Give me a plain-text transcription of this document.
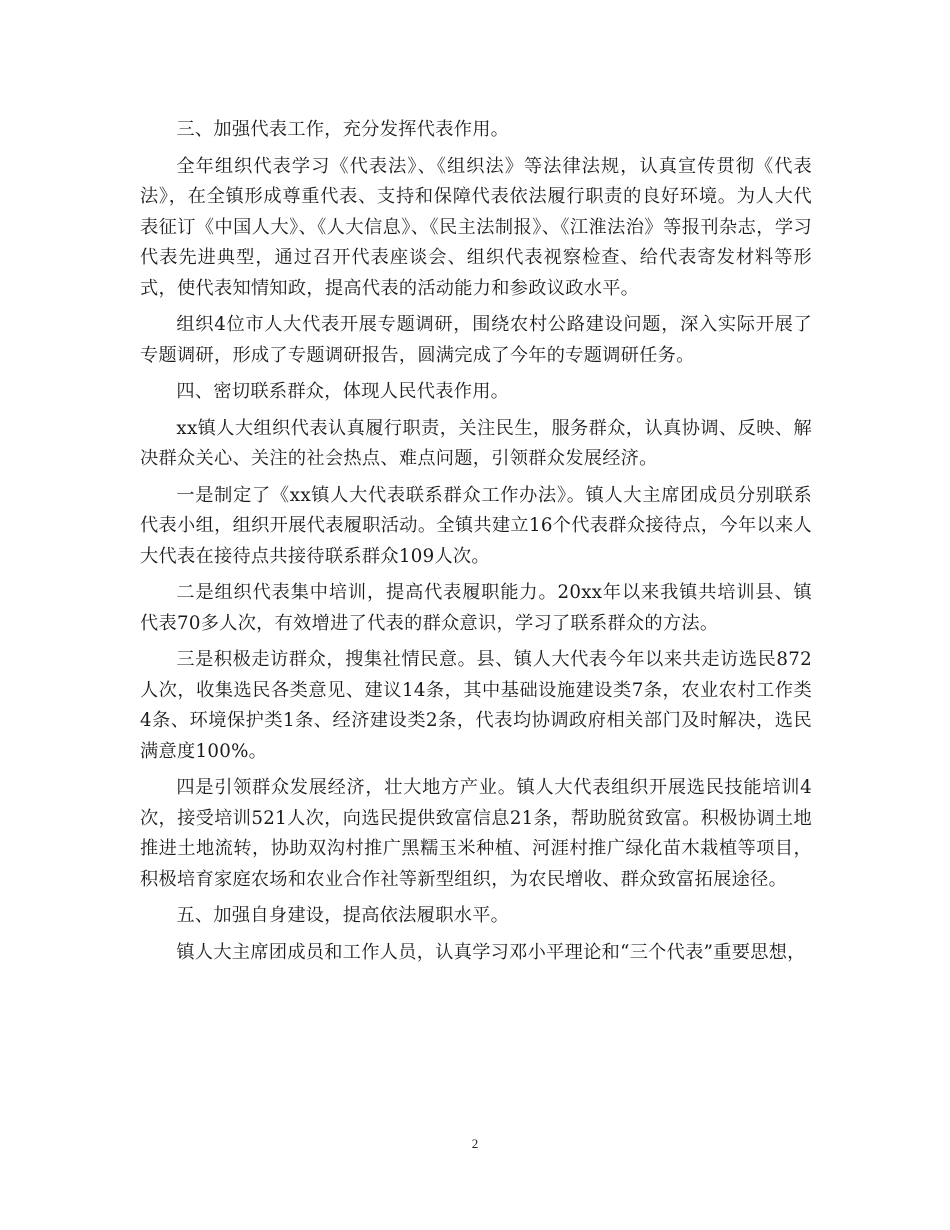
三、加强代表工作，充分发挥代表作用。

全年组织代表学习《代表法》、《组织法》等法律法规，认真宣传贯彻《代表法》，在全镇形成尊重代表、支持和保障代表依法履行职责的良好环境。为人大代表征订《中国人大》、《人大信息》、《民主法制报》、《江淮法治》等报刊杂志，学习代表先进典型，通过召开代表座谈会、组织代表视察检查、给代表寄发材料等形式，使代表知情知政，提高代表的活动能力和参政议政水平。

组织4位市人大代表开展专题调研，围绕农村公路建设问题，深入实际开展了专题调研，形成了专题调研报告，圆满完成了今年的专题调研任务。

四、密切联系群众，体现人民代表作用。

xx镇人大组织代表认真履行职责，关注民生，服务群众，认真协调、反映、解决群众关心、关注的社会热点、难点问题，引领群众发展经济。

一是制定了《xx镇人大代表联系群众工作办法》。镇人大主席团成员分别联系代表小组，组织开展代表履职活动。全镇共建立16个代表群众接待点，今年以来人大代表在接待点共接待联系群众109人次。

二是组织代表集中培训，提高代表履职能力。20xx年以来我镇共培训县、镇代表70多人次，有效增进了代表的群众意识，学习了联系群众的方法。

三是积极走访群众，搜集社情民意。县、镇人大代表今年以来共走访选民872人次，收集选民各类意见、建议14条，其中基础设施建设类7条，农业农村工作类4条、环境保护类1条、经济建设类2条，代表均协调政府相关部门及时解决，选民满意度100%。

四是引领群众发展经济，壮大地方产业。镇人大代表组织开展选民技能培训4次，接受培训521人次，向选民提供致富信息21条，帮助脱贫致富。积极协调土地推进土地流转，协助双沟村推广黑糯玉米种植、河涯村推广绿化苗木栽植等项目，积极培育家庭农场和农业合作社等新型组织，为农民增收、群众致富拓展途径。

五、加强自身建设，提高依法履职水平。

镇人大主席团成员和工作人员，认真学习邓小平理论和“三个代表”重要思想，

2
